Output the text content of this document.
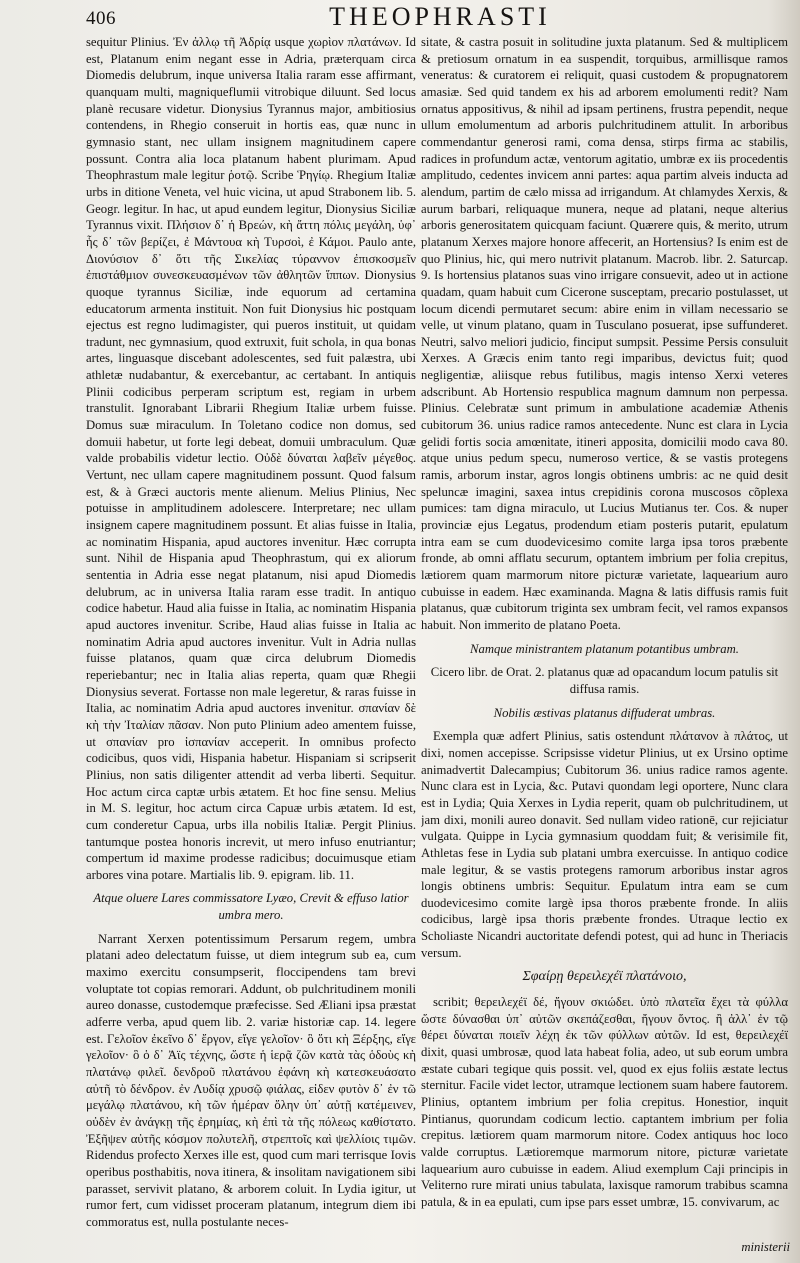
406	THEOPHRASTI

sequitur Plinius. Ἐν ἀλλῳ τῆ Ἀδρίᾳ usque χωρὶον πλατάνων. Id est, Platanum enim negant esse in Adria, præterquam circa Diomedis delubrum, inque universa Italia raram esse affirmant, quanquam multi, magniqueflumii vitrobique diluunt. Sed locus planè recusare videtur. Dionysius Tyrannus major, ambitiosius contendens, in Rhegio conseruit in hortis eas, quæ nunc in gymnasio stant, nec ullam insignem magnitudinem capere possunt. Contra alia loca platanum habent plurimam. Apud Theophrastum male legitur ῥοτῷ. Scribe Ῥηγίῳ. Rhegium Italiæ urbs in ditione Veneta, vel huic vicina, ut apud Strabonem lib. 5. Geogr. legitur. In hac, ut apud eundem legitur, Dionysius Siciliæ Tyrannus vixit. Πλήσιον δ᾽ ἡ Βρεών, κὴ ἄττη πόλις μεγάλη, ὑφ᾽ ἧς δ᾽ τῶν βερίζει, ἐ Μάντουα κὴ Τυρσοὶ, ἐ Κάμοι. Paulo ante, Διονύσιον δ᾽ ὅτι τῆς Σικελίας τύραννον ἐπισκοσμεῖν ἐπιστάθμιον συνεσκευασμένων τῶν ἀθλητῶν ἵππων. Dionysius quoque tyrannus Siciliæ, inde equorum ad certamina educatorum armenta instituit. Non fuit Dionysius hic postquam ejectus est regno ludimagister, qui pueros instituit, ut quidam tradunt, nec gymnasium, quod extruxit, fuit schola, in qua bonas artes, linguasque discebant adolescentes, sed fuit palæstra, ubi athletæ nudabantur, & exercebantur, ac certabant. In antiquis Plinii codicibus perperam scriptum est, regiam in urbem transtulit. Ignorabant Librarii Rhegium Italiæ urbem fuisse. Domus suæ miraculum. In Toletano codice non domus, sed domuii habetur, ut forte legi debeat, domuii umbraculum. Quæ valde probabilis videtur lectio. Οὐδὲ δύναται λαβεῖν μέγεθος. Vertunt, nec ullam capere magnitudinem possunt. Quod falsum est, & à Græci auctoris mente alienum. Melius Plinius, Nec potuisse in amplitudinem adolescere. Interpretare; nec ullam insignem capere magnitudinem possunt. Et alias fuisse in Italia, ac nominatim Hispania, apud auctores invenitur. Hæc corrupta sunt. Nihil de Hispania apud Theophrastum, qui ex aliorum sententia in Adria esse negat platanum, nisi apud Diomedis delubrum, ac in universa Italia raram esse tradit. In antiquo codice habetur. Haud alia fuisse in Italia, ac nominatim Hispania apud auctores invenitur. Scribe, Haud alias fuisse in Italia ac nominatim Adria apud auctores invenitur. Vult in Adria nullas fuisse platanos, quam quæ circa delubrum Diomedis reperiebantur; nec in Italia alias reperta, quam quæ Rhegii Dionysius severat. Fortasse non male legeretur, & raras fuisse in Italia, ac nominatim Adria apud auctores invenitur. σπανίαν δὲ κὴ τὴν Ἰταλίαν πᾶσαν. Non puto Plinium adeo amentem fuisse, ut σπανίαν pro ἰσπανίαν acceperit. In omnibus profecto codicibus, quos vidi, Hispania habetur. Hispaniam si scripserit Plinius, non satis diligenter attendit ad verba liberti. Sequitur. Hoc actum circa captæ urbis ætatem. Et hoc fine sensu. Melius in M. S. legitur, hoc actum circa Capuæ urbis ætatem. Id est, cum conderetur Capua, urbs illa nobilis Italiæ. Pergit Plinius. tantumque postea honoris increvit, ut mero infuso enutriantur; compertum id maxime prodesse radicibus; docuimusque etiam arbores vina potare. Martialis lib. 9. epigram. lib. 11.

Atque oluere Lares commissatore Lyæo, Crevit & effuso latior umbra mero.

Narrant Xerxen potentissimum Persarum regem, umbra platani adeo delectatum fuisse, ut diem integrum sub ea, cum maximo exercitu consumpserit, floccipendens tam brevi voluptate tot copias remorari. Addunt, ob pulchritudinem monili aureo donasse, custodemque præfecisse. Sed Æliani ipsa præstat adferre verba, apud quem lib. 2. variæ historiæ cap. 14. legere est. Γελοῖον ἐκεῖνο δ᾽ ἔργον, εἴγε γελοῖον· ὃ ὅτι κὴ Ξέρξης, εἴγε γελοῖον· ὃ ὁ δ᾽ Ἀϊς τέχνης, ὥστε ἡ ἱερᾷ ζῶν κατὰ τὰς ὁδοὺς κὴ πλατάνῳ φιλεῖ. δενδροῦ πλατάνου ἐφάνη κὴ κατεσκευάσατο αὐτῆ τὸ δένδρον. ἐν Λυδίᾳ χρυσῷ φιάλας, εἰδεν φυτὸν δ᾽ ἐν τῶ μεγάλῳ πλατάνου, κὴ τῶν ἡμέραν ὅλην ὑπ᾽ αὐτῇ κατέμεινεν, οὐδὲν ἐν ἀνάγκῃ τῆς ἐρημίας, κὴ ἐπὶ τὰ τῆς πόλεως καθίστατο. Ἐξῆψεν αὐτῆς κόσμον πολυτελῆ, στρεπτοῖς καὶ ψελλίοις τιμῶν. Ridendus profecto Xerxes ille est, quod cum mari terrisque Iovis operibus posthabitis, nova itinera, & insolitam navigationem sibi parasset, servivit platano, & arborem coluit. In Lydia igitur, ut rumor fert, cum vidisset proceram platanum, integrum diem ibi commoratus est, nulla postulante neces-

sitate, & castra posuit in solitudine juxta platanum. Sed & multiplicem & pretiosum ornatum in ea suspendit, torquibus, armillisque ramos veneratus: & curatorem ei reliquit, quasi custodem & propugnatorem amasiæ. Sed quid tandem ex his ad arborem emolumenti redit? Nam ornatus appositivus, & nihil ad ipsam pertinens, frustra pependit, neque ullum emolumentum ad arboris pulchritudinem attulit. In arboribus commendantur generosi rami, coma densa, stirps firma ac stabilis, radices in profundum actæ, ventorum agitatio, umbræ ex iis procedentis amplitudo, cedentes invicem anni partes: aqua partim alveis inducta ad alendum, partim de cælo missa ad irrigandum. At chlamydes Xerxis, & aurum barbari, reliquaque munera, neque ad platani, neque alterius arboris generositatem quicquam faciunt. Quærere quis, & merito, utrum platanum Xerxes majore honore affecerit, an Hortensius? Is enim est de quo Plinius, hic, qui mero nutrivit platanum. Macrob. libr. 2. Saturcap. 9. Is hortensius platanos suas vino irrigare consuevit, adeo ut in actione quadam, quam habuit cum Cicerone susceptam, precario postulasset, ut locum dicendi permutaret secum: abire enim in villam necessario se velle, ut vinum platano, quam in Tusculano posuerat, ipse suffunderet. Neutri, salvo meliori judicio, finciput sumpsit. Pessime Persis consuluit Xerxes. A Græcis enim tanto regi imparibus, devictus fuit; quod negligentiæ, aliisque rebus futilibus, magis intenso Xerxi veteres adscribunt. Ab Hortensio respublica magnum damnum non perpessa. Plinius. Celebratæ sunt primum in ambulatione academiæ Athenis cubitorum 36. unius radice ramos antecedente. Nunc est clara in Lycia gelidi fortis socia amœnitate, itineri apposita, domicilii modo cava 80. atque unius pedum specu, numeroso vertice, & se vastis protegens ramis, arborum instar, agros longis obtinens umbris: ac ne quid desit speluncæ imagini, saxea intus crepidinis corona muscosos cõplexa pumices: tam digna miraculo, ut Lucius Mutianus ter. Cos. & nuper provinciæ ejus Legatus, prodendum etiam posteris putarit, epulatum intra eam se cum duodevicesimo comite larga ipsa toros præbente fronde, ab omni afflatu securum, optantem imbrium per folia crepitus, lætiorem quam marmorum nitore picturæ varietate, laquearium auro cubuisse in eadem. Hæc examinanda. Magna & latis diffusis ramis fuit platanus, quæ cubitorum triginta sex umbram fecit, vel ramos expansos habuit. Non immerito de platano Poeta.

Namque ministrantem platanum potantibus umbram.

Cicero libr. de Orat. 2. platanus quæ ad opacandum locum patulis sit diffusa ramis.

Nobilis æstivas platanus diffuderat umbras.

Exempla quæ adfert Plinius, satis ostendunt πλάτανον à πλάτος, ut dixi, nomen accepisse. Scripsisse videtur Plinius, ut ex Ursino optime animadvertit Dalecampius; Cubitorum 36. unius radice ramos agente. Nunc clara est in Lycia, &c. Putavi quondam legi oportere, Nunc clara est in Lydia; Quia Xerxes in Lydia reperit, quam ob pulchritudinem, ut jam dixi, monili aureo donavit. Sed nullam video rationē, cur rejiciatur vulgata. Quippe in Lycia gymnasium quoddam fuit; & verisimile fit, Athletas fese in Lydia sub platani umbra exercuisse. In antiquo codice male legitur, & se vastis protegens ramorum arboribus instar agros longis obtinens umbris: Sequitur. Epulatum intra eam se cum duodevicesimo comite largè ipsa thoros præbente fronde. In aliis codicibus, largè ipsa thoris præbente frondes. Utraque lectio ex Scholiaste Nicandri auctoritate defendi potest, qui ad hunc in Theriacis versum.

Σφαίρῃ θερειλεχέϊ πλατάνοιο,

scribit; θερειλεχέϊ δέ, ἤγουν σκιώδει. ὑπὸ πλατεῖα ἔχει τὰ φύλλα ὥστε δύνασθαι ὑπ᾽ αὐτῶν σκεπάζεσθαι, ἤγουν ὅντος. ἢ ἀλλ᾽ ἐν τῷ θέρει δύναται ποιεῖν λέχη ἐκ τῶν φύλλων αὐτῶν. Id est, θερειλεχέϊ dixit, quasi umbrosæ, quod lata habeat folia, adeo, ut sub eorum umbra æstate cubari tegique quis possit. vel, quod ex ejus foliis æstate lectus sternitur. Facile videt lector, utramque lectionem suam habere fautorem. Plinius, optantem imbrium per folia crepitus. Honestior, inquit Pintianus, quorundam codicum lectio. captantem imbrium per folia crepitus. lætiorem quam marmorum nitore. Codex antiquus hoc loco valde corruptus. Lætioremque marmorum nitore, picturæ varietate laquearium auro cubuisse in eadem. Aliud exemplum Caji principis in Veliterno rure mirati unius tabulata, laxisque ramorum trabibus scamna patula, & in ea epulati, cum ipse pars esset umbræ, 15. convivarum, ac

ministerii
